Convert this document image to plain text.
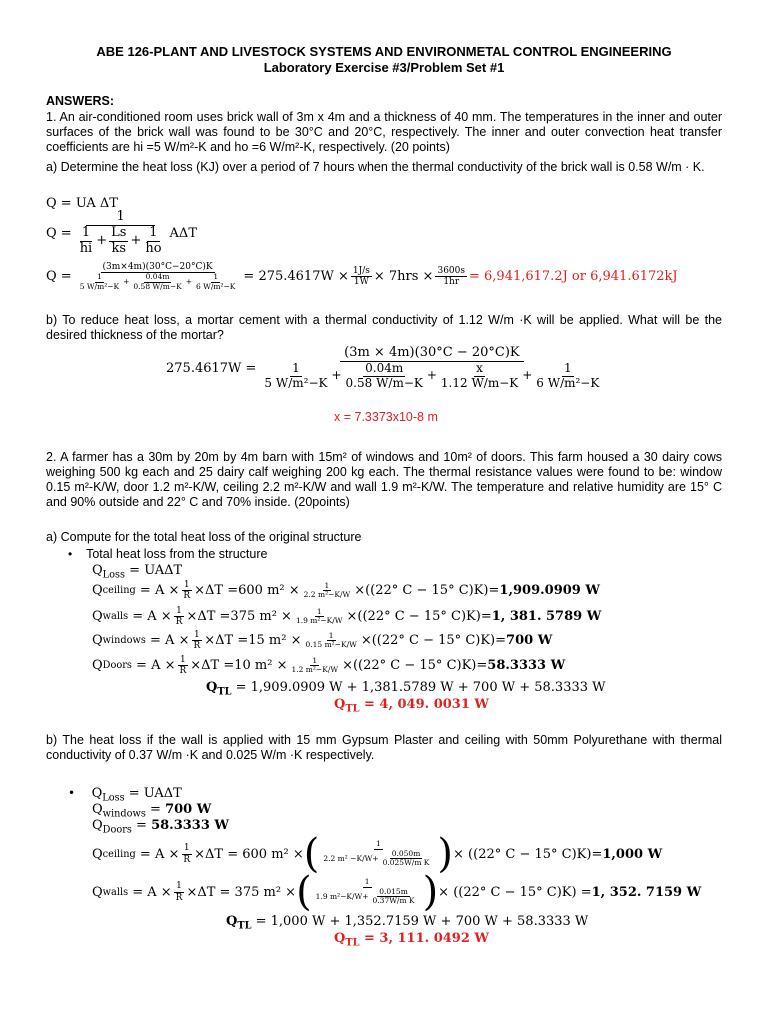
ABE 126-PLANT AND LIVESTOCK SYSTEMS AND ENVIRONMETAL CONTROL ENGINEERING
Laboratory Exercise #3/Problem Set #1
ANSWERS:
1. An air-conditioned room uses brick wall of 3m x 4m and a thickness of 40 mm. The temperatures in the inner and outer surfaces of the brick wall was found to be 30°C and 20°C, respectively. The inner and outer convection heat transfer coefficients are hi =5 W/m²-K and ho =6 W/m²-K, respectively. (20 points)
a) Determine the heat loss (KJ) over a period of 7 hours when the thermal conductivity of the brick wall is 0.58 W/m · K.
Q = UA ΔT
$Q = \frac{1}{\frac{1}{hi} + \frac{Ls}{ks} + \frac{1}{ho}}$ AΔT
$Q = \frac{(3m\times 4m)(30^\circ C-20^\circ C)K}{\frac{1}{\text{5 W/m²−K}} + \frac{0.04m}{0.58 W/m-K} + \frac{1}{\text{6 W/m²−K}}} = 275.4617W \times \frac{1J/s}{1W} \times 7hrs \times \frac{3600s}{1hr} = 6,941,617.2J$ or 6,941.6172kJ
b) To reduce heat loss, a mortar cement with a thermal conductivity of 1.12 W/m ·K will be applied. What will be the desired thickness of the mortar?
275.4617W =
(3m × 4m)(30°C − 20°C)K
$\frac{1}{\text{5 W/m²−K}} + \frac{0.04m}{0.58 W/m-K} + \frac{x}{1.12 W/m-K} + \frac{1}{\text{6 W/m²−K}}$
x = 7.3373x10-8 m
2. A farmer has a 30m by 20m by 4m barn with 15m² of windows and 10m² of doors. This farm housed a 30 dairy cows weighing 500 kg each and 25 dairy calf weighing 200 kg each. The thermal resistance values were found to be: window 0.15 m²-K/W, door 1.2 m²-K/W, ceiling 2.2 m²-K/W and wall 1.9 m²-K/W. The temperature and relative humidity are 15° C and 90% outside and 22° C and 70% inside. (20points)
a) Compute for the total heat loss of the original structure
• Total heat loss from the structure
$Q_{Loss} = UA\Delta T$
Q ceiling = $A \times \frac{1}{R} \times\Delta T = 600$ $m^2 \times \frac{1}{\text{2.2 m²−K/W}} \times ((22^\circ$ C − 15° C)K) = 1,909.0909 W
Q walls = $A \times \frac{1}{R} \times\Delta T = 375$ $m^2 \times \frac{1}{\text{1.9 m²−K/W}} \times ((22^\circ$ C − 15° C)K) = 1, 381. 5789 W
Q windows = $A \times \frac{1}{R} \times\Delta T = 15$ $m^2 \times \frac{1}{\text{0.15 m²−K/W}} \times ((22^\circ$ C − 15° C)K) = 700 W
Q Doors = $A \times \frac{1}{R} \times\Delta T = 10$ $m^2 \times \frac{1}{\text{1.2 m²−K/W}} \times ((22^\circ$ C − 15° C)K) = 58.3333 W
$Q_{TL} = 1,909.0909$ W + 1,381.5789 W + 700 W + 58.3333 W
$Q_{TL} = 4$, 049. 0031 W
b) The heat loss if the wall is applied with 15 mm Gypsum Plaster and ceiling with 50mm Polyurethane with thermal conductivity of 0.37 W/m ·K and 0.025 W/m ·K respectively.
•    $Q_{Loss} = UA\Delta T$
$Q_{windows} = 700$ W
$Q_{Doors} = 58.3333$ W
Q ceiling = $A \times \frac{1}{R} \times\Delta T = 600$ m² × ( $\frac{1}{2.2 m^2 -K/W+ \frac{0.050m}{\text{0.025W/m K}}}$ ) × ((22° C − 15° C)K)= 1,000 W
Q walls = $A \times \frac{1}{R} \times\Delta T = 375$ m² × ( $\frac{1}{1.9 m^2-K/W+ \frac{0.015m}{\text{0.37W/m K}}}$ ) × ((22° C − 15° C)K) = 1, 352. 7159 W
$Q_{TL} = 1,000$ W + 1,352.7159 W + 700 W + 58.3333 W
$Q_{TL} = 3$, 111. 0492 W
